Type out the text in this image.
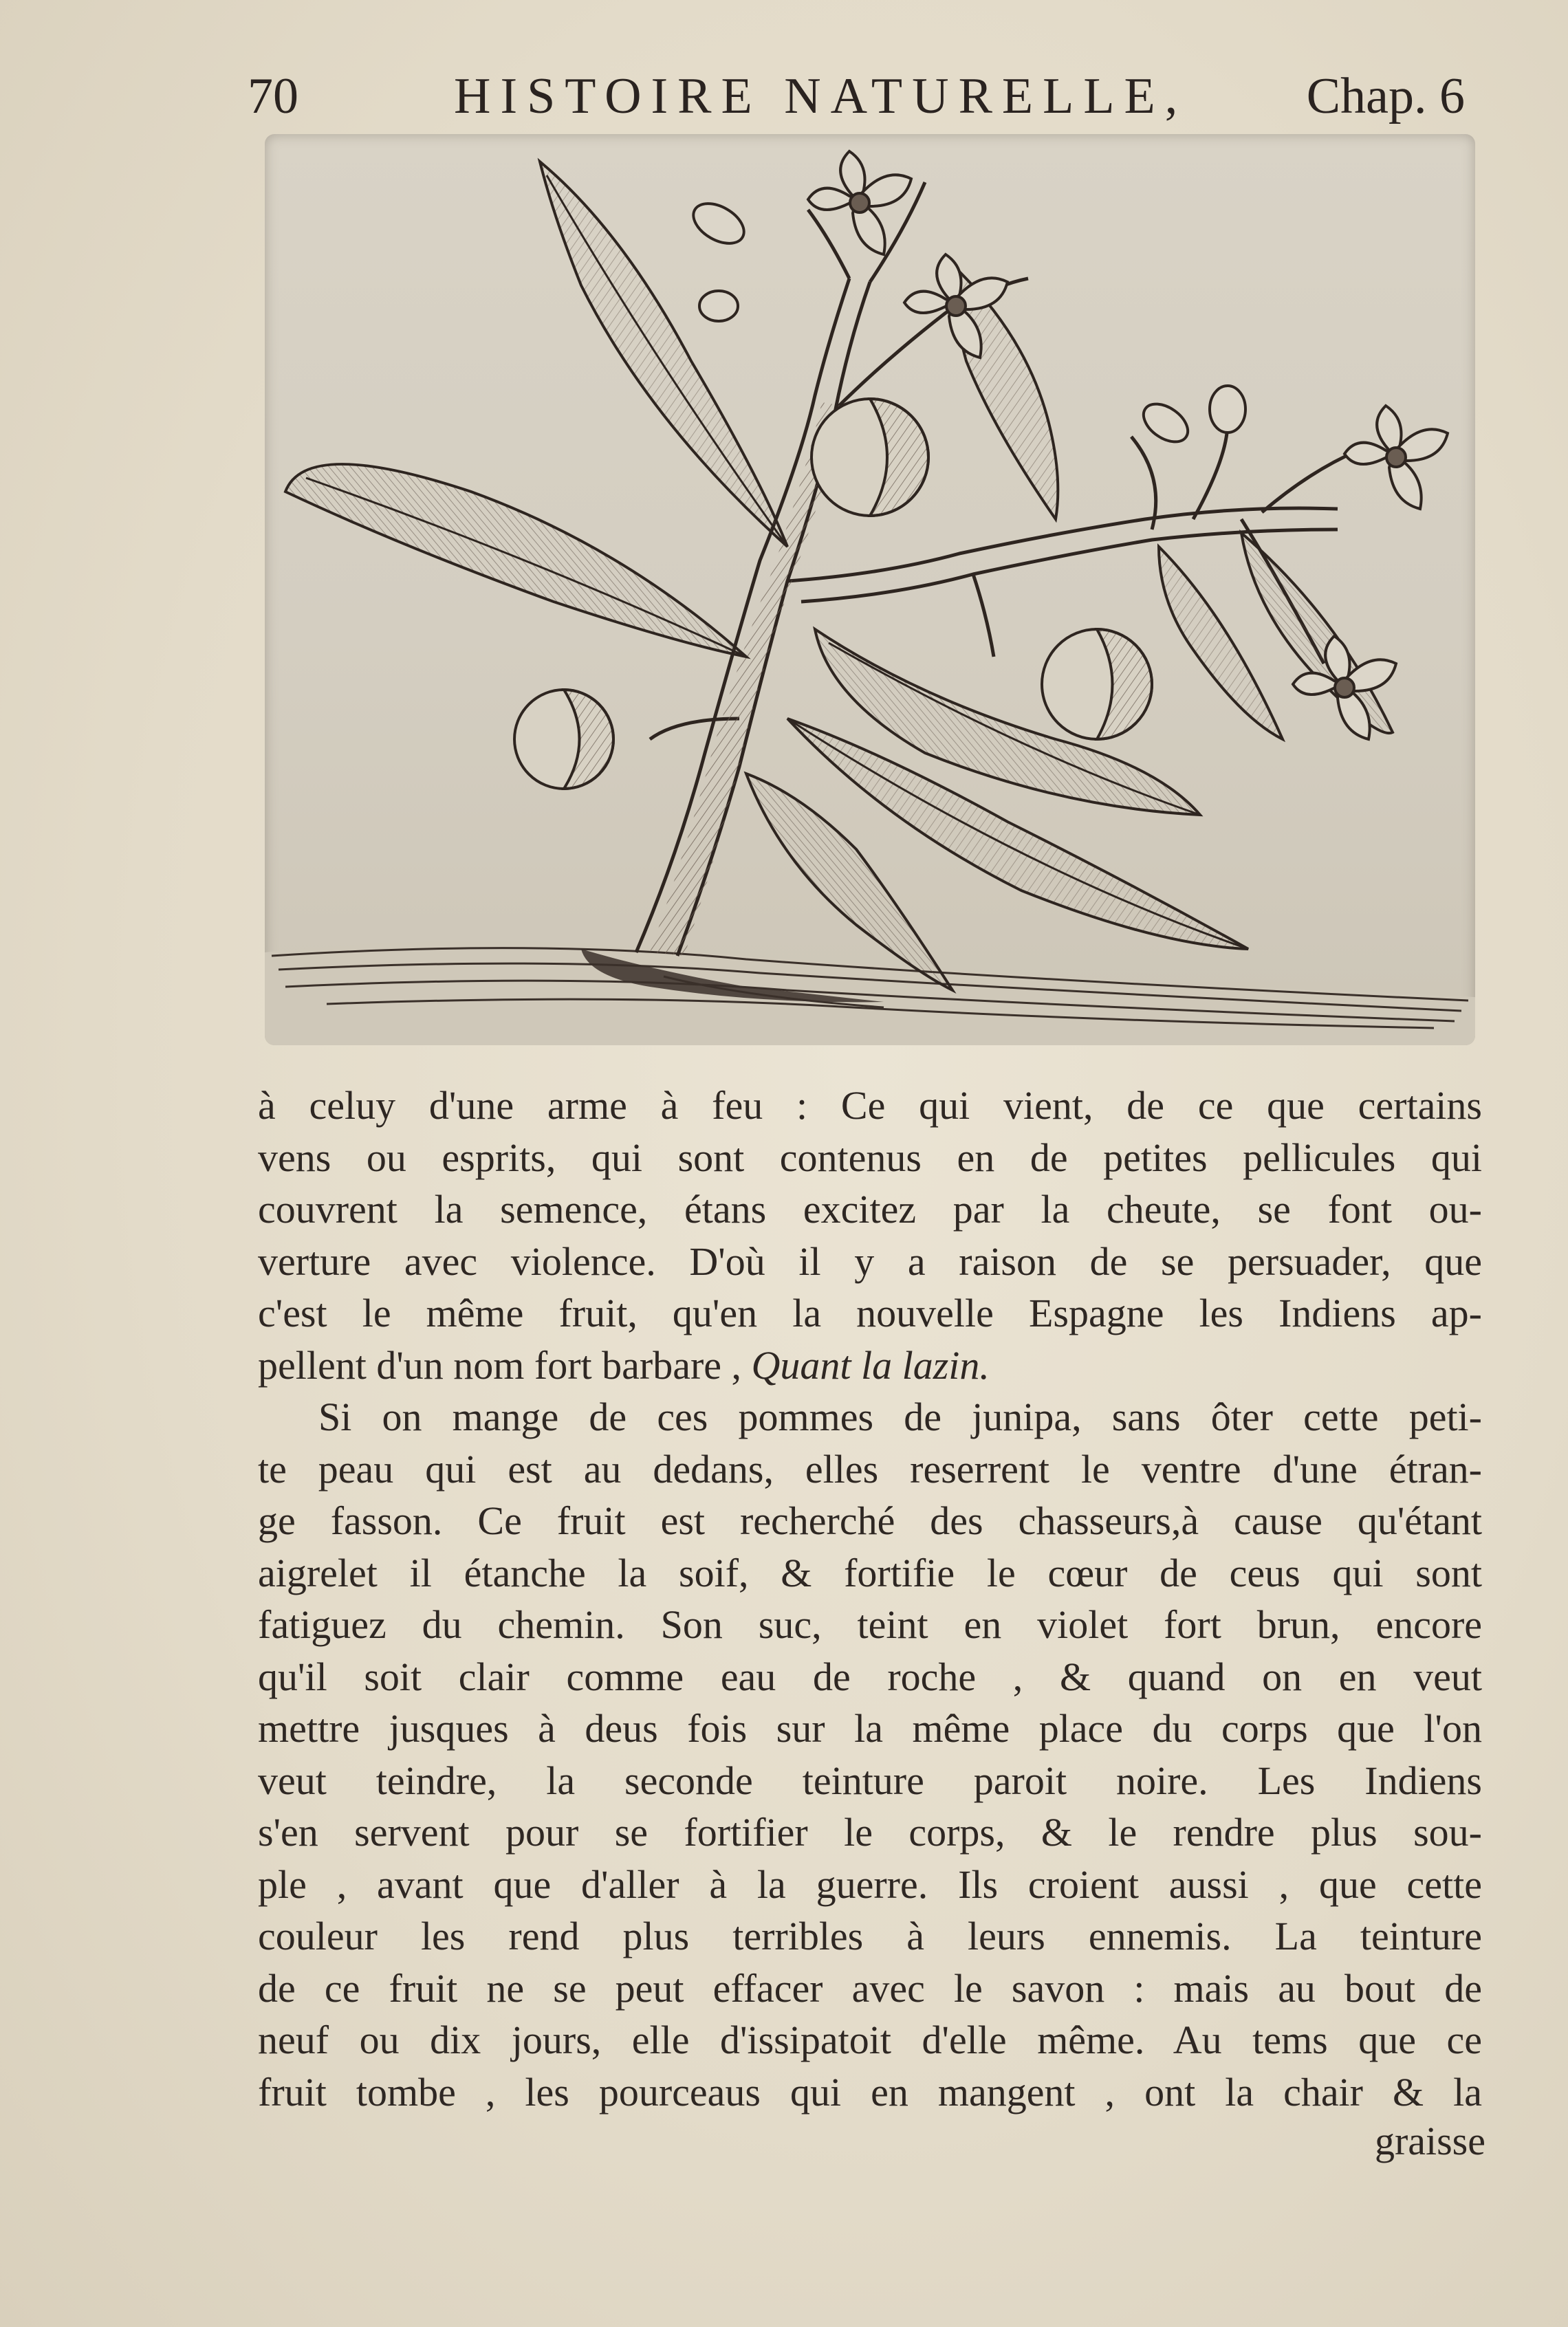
70	HISTOIRE NATURELLE, Chap. 6
à celuy d'une arme à feu : Ce qui vient, de ce que certains
vens ou esprits, qui sont contenus en de petites pellicules qui
couvrent la semence, étans excitez par la cheute, se font ou-
verture avec violence. D'où il y a raison de se persuader, que
c'est le même fruit, qu'en la nouvelle Espagne les Indiens ap-
pellent d'un nom fort barbare , Quant la lazin.
Si on mange de ces pommes de junipa, sans ôter cette peti-
te peau qui est au dedans, elles reserrent le ventre d'une étran-
ge fasson. Ce fruit est recherché des chasseurs,à cause qu'étant
aigrelet il étanche la soif, & fortifie le cœur de ceus qui sont
fatiguez du chemin. Son suc, teint en violet fort brun, encore
qu'il soit clair comme eau de roche , & quand on en veut
mettre jusques à deus fois sur la même place du corps que l'on
veut teindre, la seconde teinture paroit noire. Les Indiens
s'en servent pour se fortifier le corps, & le rendre plus sou-
ple , avant que d'aller à la guerre. Ils croient aussi , que cette
couleur les rend plus terribles à leurs ennemis. La teinture
de ce fruit ne se peut effacer avec le savon : mais au bout de
neuf ou dix jours, elle d'issipatoit d'elle même. Au tems que ce
fruit tombe , les pourceaus qui en mangent , ont la chair & la
graisse
